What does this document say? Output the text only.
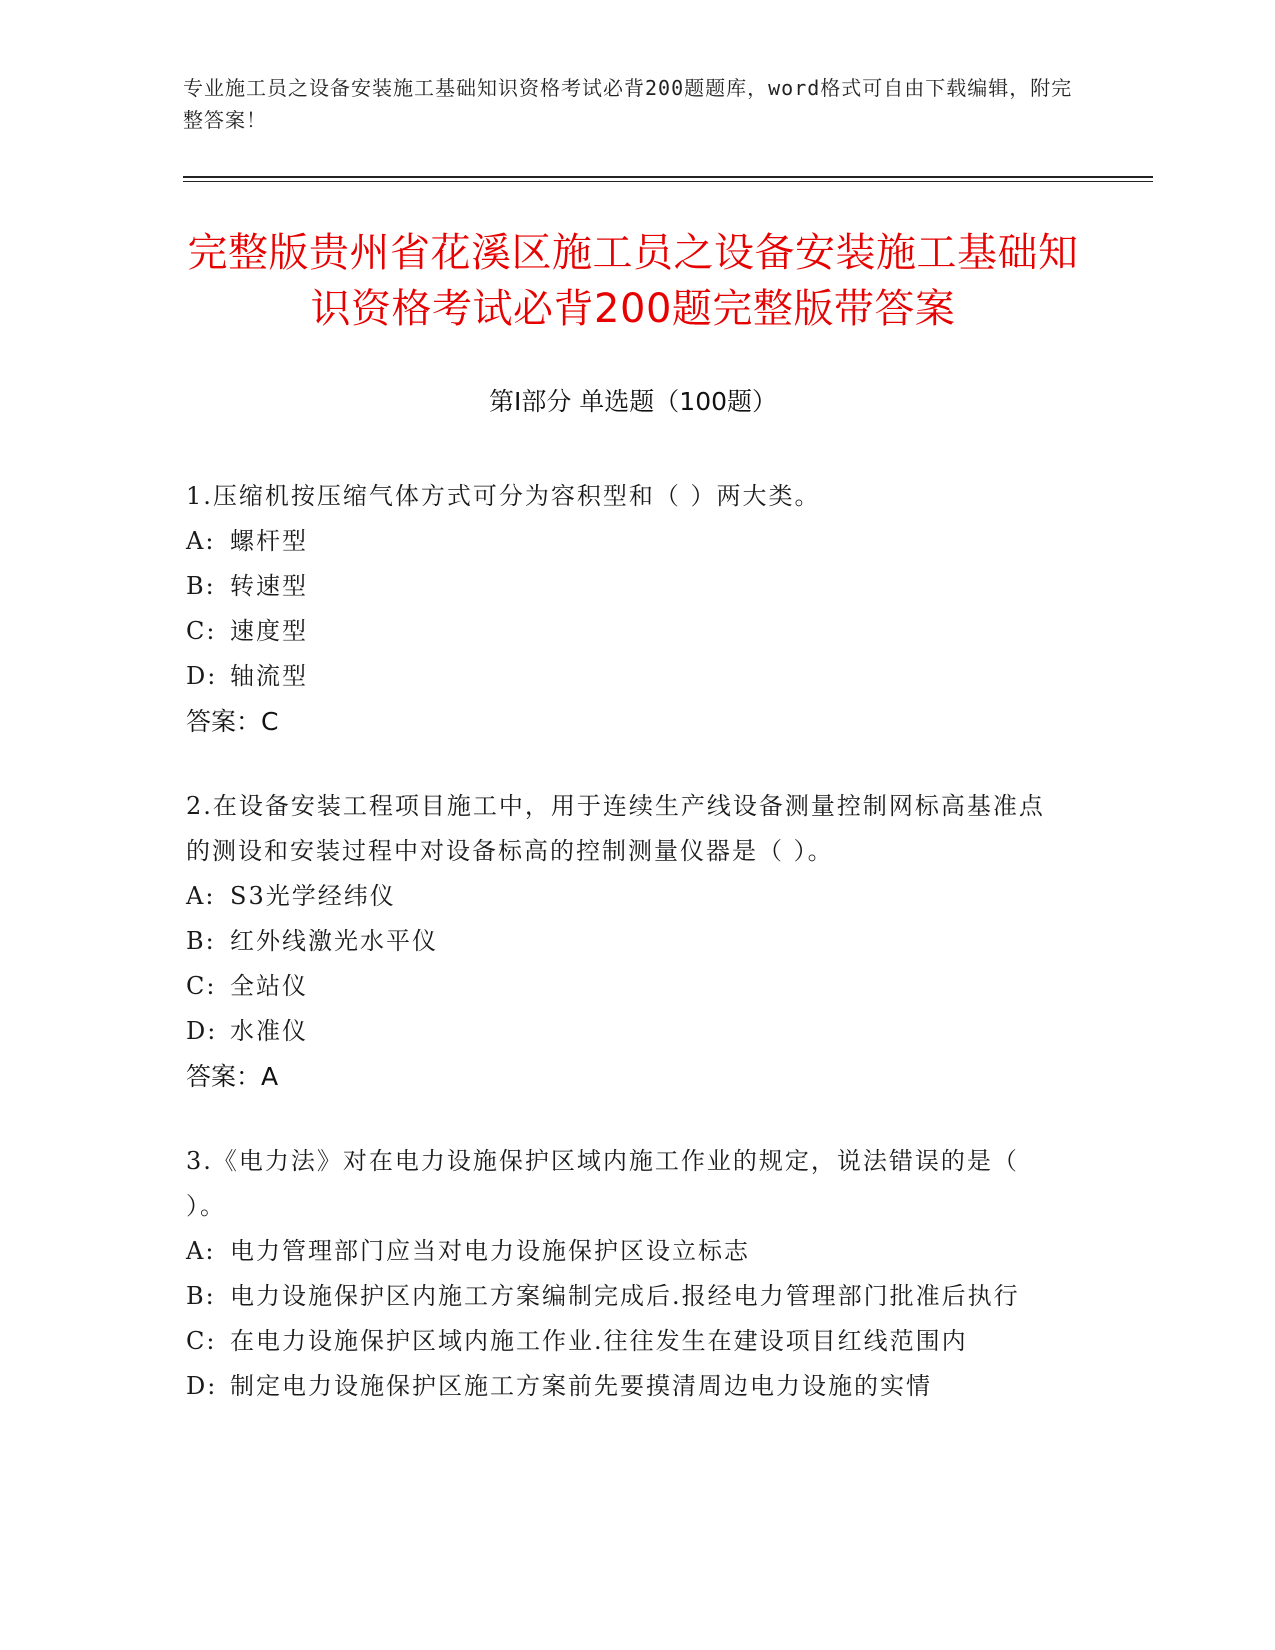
专业施工员之设备安装施工基础知识资格考试必背200题题库，word格式可自由下载编辑，附完整答案！
完整版贵州省花溪区施工员之设备安装施工基础知识资格考试必背200题完整版带答案
第Ⅰ部分 单选题（100题）
1.压缩机按压缩气体方式可分为容积型和（ ）两大类。
A: 螺杆型
B: 转速型
C: 速度型
D: 轴流型
答案：C
2.在设备安装工程项目施工中，用于连续生产线设备测量控制网标高基准点的测设和安装过程中对设备标高的控制测量仪器是（ ）。
A: S3光学经纬仪
B: 红外线激光水平仪
C: 全站仪
D: 水准仪
答案：A
3.《电力法》对在电力设施保护区域内施工作业的规定，说法错误的是（ ）。
A: 电力管理部门应当对电力设施保护区设立标志
B: 电力设施保护区内施工方案编制完成后.报经电力管理部门批准后执行
C: 在电力设施保护区域内施工作业.往往发生在建设项目红线范围内
D: 制定电力设施保护区施工方案前先要摸清周边电力设施的实情
